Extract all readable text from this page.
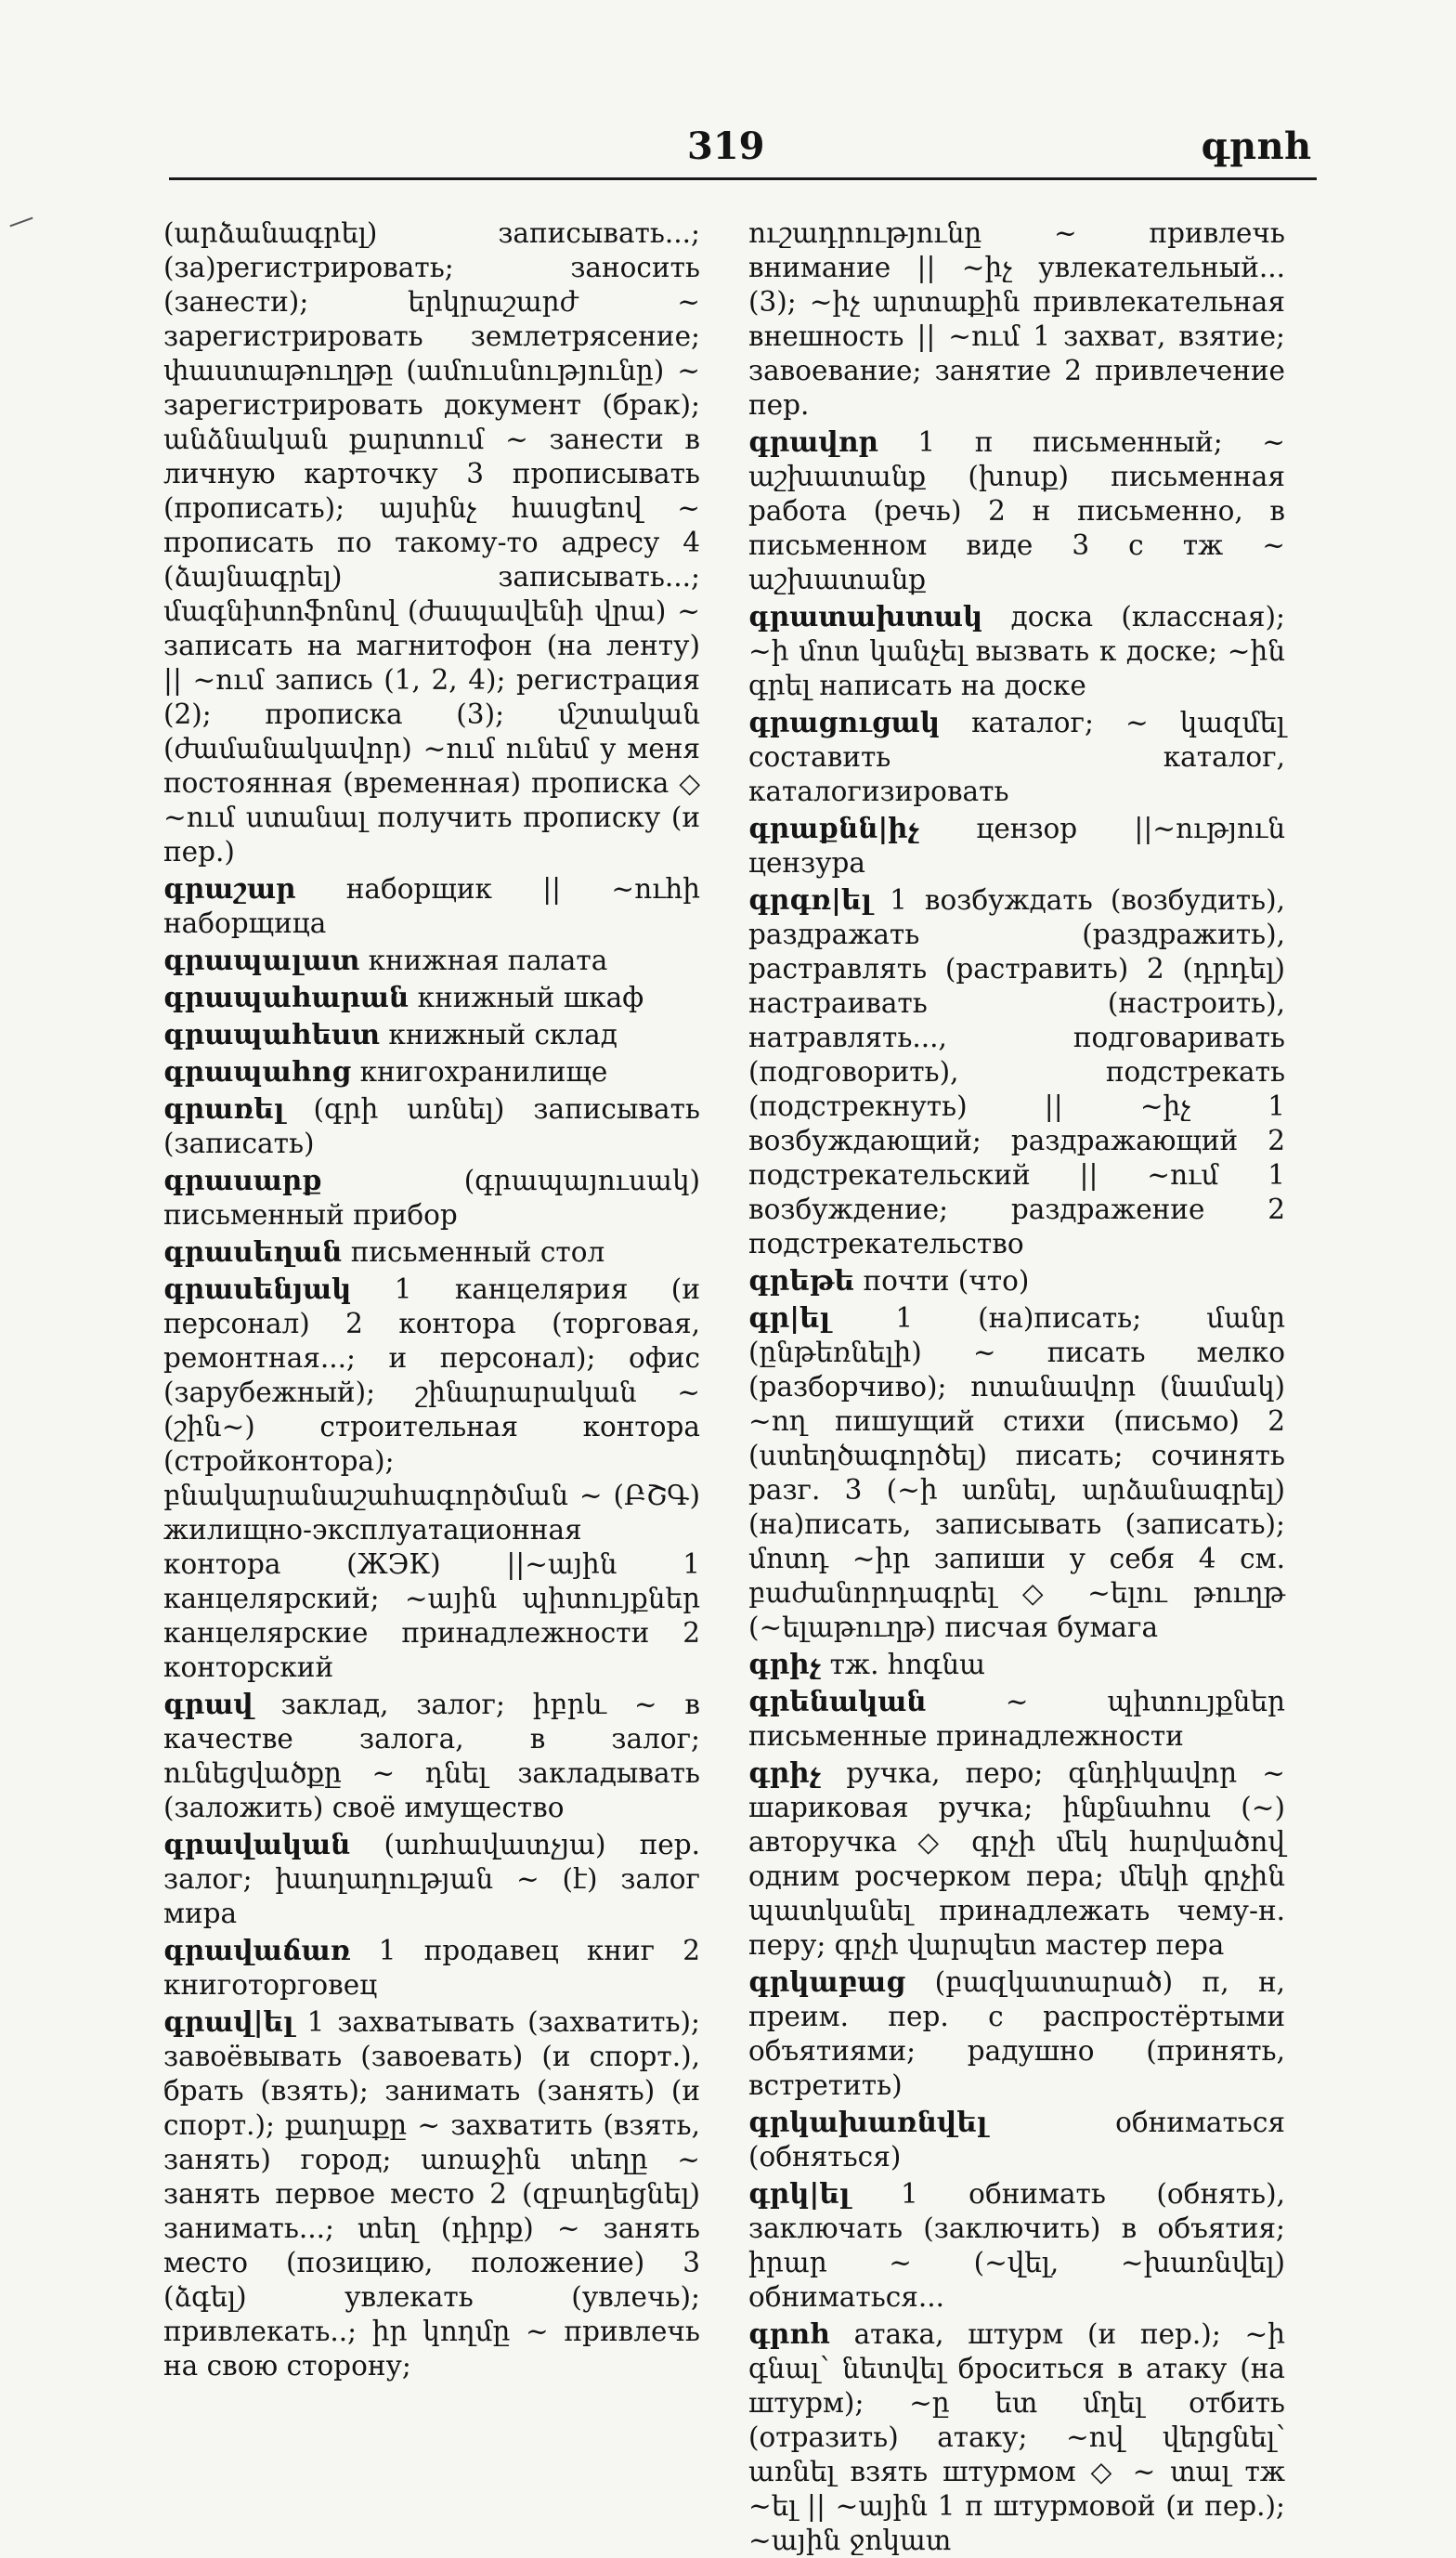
319	գրոհ

(արձանագրել) записывать...; (за)регистрировать; заносить (занести); երկրաշարժ ~ зарегистрировать землетрясение; փաստաթուղթը (ամուսնությունը) ~ зарегистрировать документ (брак); անձնական քարտում ~ занести в личную карточку 3 прописывать (прописать); այսինչ հասցեով ~ прописать по такому-то адресу 4 (ձայնագրել) записывать...; մագնիտոֆոնով (ժապավենի վրա) ~ записать на магнитофон (на ленту) || ~ում запись (1, 2, 4); регистрация (2); прописка (3); մշտական (ժամանակավոր) ~ում ունեմ у меня постоянная (временная) прописка ◇ ~ում ստանալ получить прописку (и пер.)

գրաշար наборщик || ~ուհի наборщица

գրապալատ книжная палата

գրապահարան книжный шкаф

գրապահեստ книжный склад

գրապահոց книгохранилище

գրառել (գրի առնել) записывать (записать)

գրասարք	(գրապայուսակ) письменный прибор

գրասեղան письменный стол

գրասենյակ 1 канцелярия (и персонал) 2 контора (торговая, ремонтная...; и персонал); офис (зарубежный); շինարարական ~ (շին~) строительная контора (стройконтора); բնակարանաշահագործման ~ (ԲՇԳ) жилищно-эксплуатационная контора (ЖЭК) ||~ային 1 канцелярский; ~ային պիտույքներ канцелярские принадлежности 2 конторский

գրավ заклад, залог; իբրև ~ в качестве залога, в залог; ունեցվածքը ~ դնել закладывать (заложить) своё имущество

գրավական (առհավատչյա) пер. залог; խաղաղության ~ (է) залог мира

գրավաճառ 1 продавец книг 2 книготорговец

գրավ|ել 1 захватывать (захватить); завоёвывать (завоевать) (и спорт.), брать (взять); занимать (занять) (и спорт.); քաղաքը ~ захватить (взять, занять) город; առաջին տեղը ~ занять первое место 2 (զբաղեցնել) занимать...; տեղ (դիրք) ~ занять место (позицию, положение) 3 (ձգել) увлекать (увлечь); привлекать..; իր կողմը ~ привлечь на свою сторону;

ուշադրությունը ~ привлечь внимание || ~իչ увлекательный... (3); ~իչ արտաքին привлекательная внешность || ~ում 1 захват, взятие; завоевание; занятие 2 привлечение пер.

գրավոր 1 п письменный; ~ աշխատանք (խոսք) письменная работа (речь) 2 н письменно, в письменном виде 3 с тж ~ աշխատանք

գրատախտակ доска (классная); ~ի մոտ կանչել вызвать к доске; ~ին գրել написать на доске

գրացուցակ каталог; ~ կազմել составить каталог, каталогизировать

գրաքնն|իչ цензор ||~ություն цензура

գրգռ|ել 1 возбуждать (возбудить), раздражать (раздражить), растравлять (растравить) 2 (դրդել) настраивать (настроить), натравлять..., подговаривать (подговорить), подстрекать (подстрекнуть) || ~իչ 1 возбуждающий; раздражающий 2 подстрекательский || ~ում 1 возбуждение; раздражение 2 подстрекательство

գրեթե почти (что)

գր|ել 1 (на)писать; մանր (ընթեռնելի) ~ писать мелко (разборчиво); ոտանավոր (նամակ) ~ող пишущий стихи (письмо) 2 (ստեղծագործել) писать; сочинять разг. 3 (~ի առնել, արձանագրել) (на)писать, записывать (записать); մոտդ ~իր запиши у себя 4 см. բաժանորդագրել ◇ ~ելու թուղթ (~ելաթուղթ) писчая бумага

գրիչ тж. հոգնա

գրենական	~ պիտույքներ письменные принадлежности

գրիչ ручка, перо; գնդիկավոր ~ шариковая ручка; ինքնահոս (~) авторучка ◇ գրչի մեկ հարվածով одним росчерком пера; մեկի գրչին պատկանել принадлежать чему-н. перу; գրչի վարպետ мастер пера

գրկաբաց (բազկատարած) п, н, преим. пер. с распростёртыми объятиями; радушно (принять, встретить)

գրկախառնվել	обниматься (обняться)

գրկ|ել 1 обнимать (обнять), заключать (заключить) в объятия; իրար ~ (~վել, ~խառնվել) обниматься...

գրոհ атака, штурм (и пер.); ~ի գնալ՝ նետվել броситься в атаку (на штурм); ~ը ետ մղել отбить (отразить) атаку; ~ով վերցնել՝ առնել взять штурмом ◇ ~ տալ тж ~ել || ~ային 1 п штурмовой (и пер.); ~ային ջոկատ
